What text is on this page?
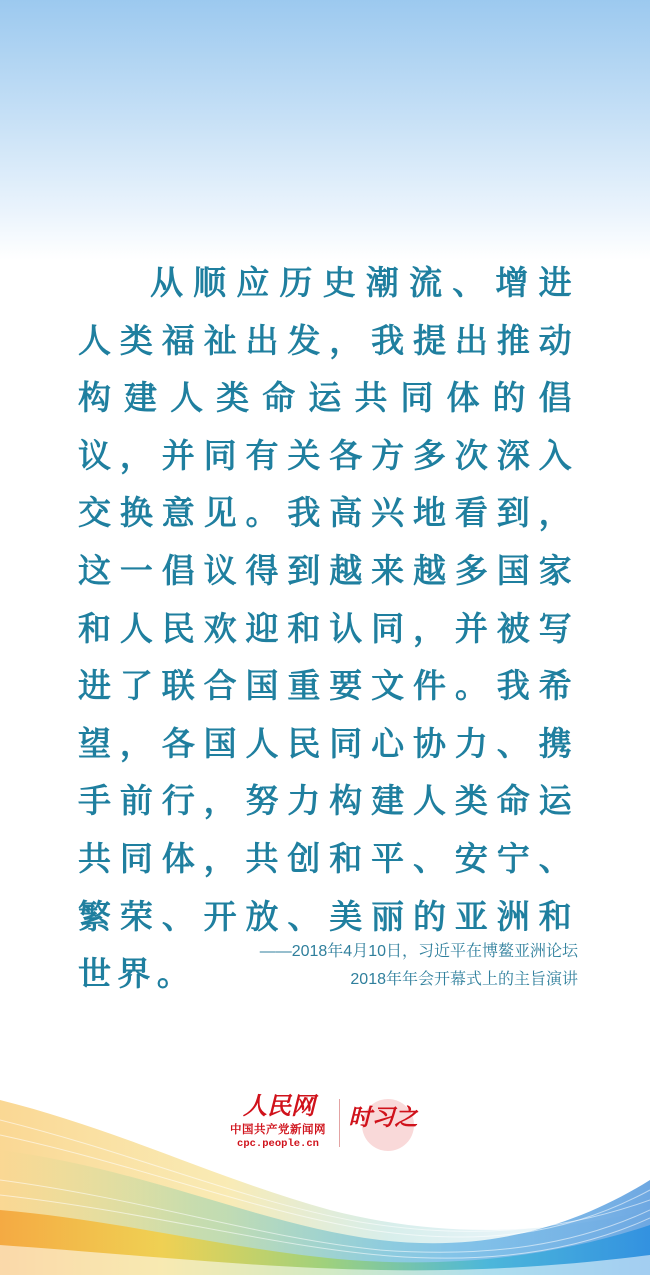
从顺应历史潮流、增进人类福祉出发，我提出推动构建人类命运共同体的倡议，并同有关各方多次深入交换意见。我高兴地看到，这一倡议得到越来越多国家和人民欢迎和认同，并被写进了联合国重要文件。我希望，各国人民同心协力、携手前行，努力构建人类命运共同体，共创和平、安宁、繁荣、开放、美丽的亚洲和世界。
——2018年4月10日，习近平在博鳌亚洲论坛
2018年年会开幕式上的主旨演讲
人民网
中国共产党新闻网
cpc.people.cn
时习之
